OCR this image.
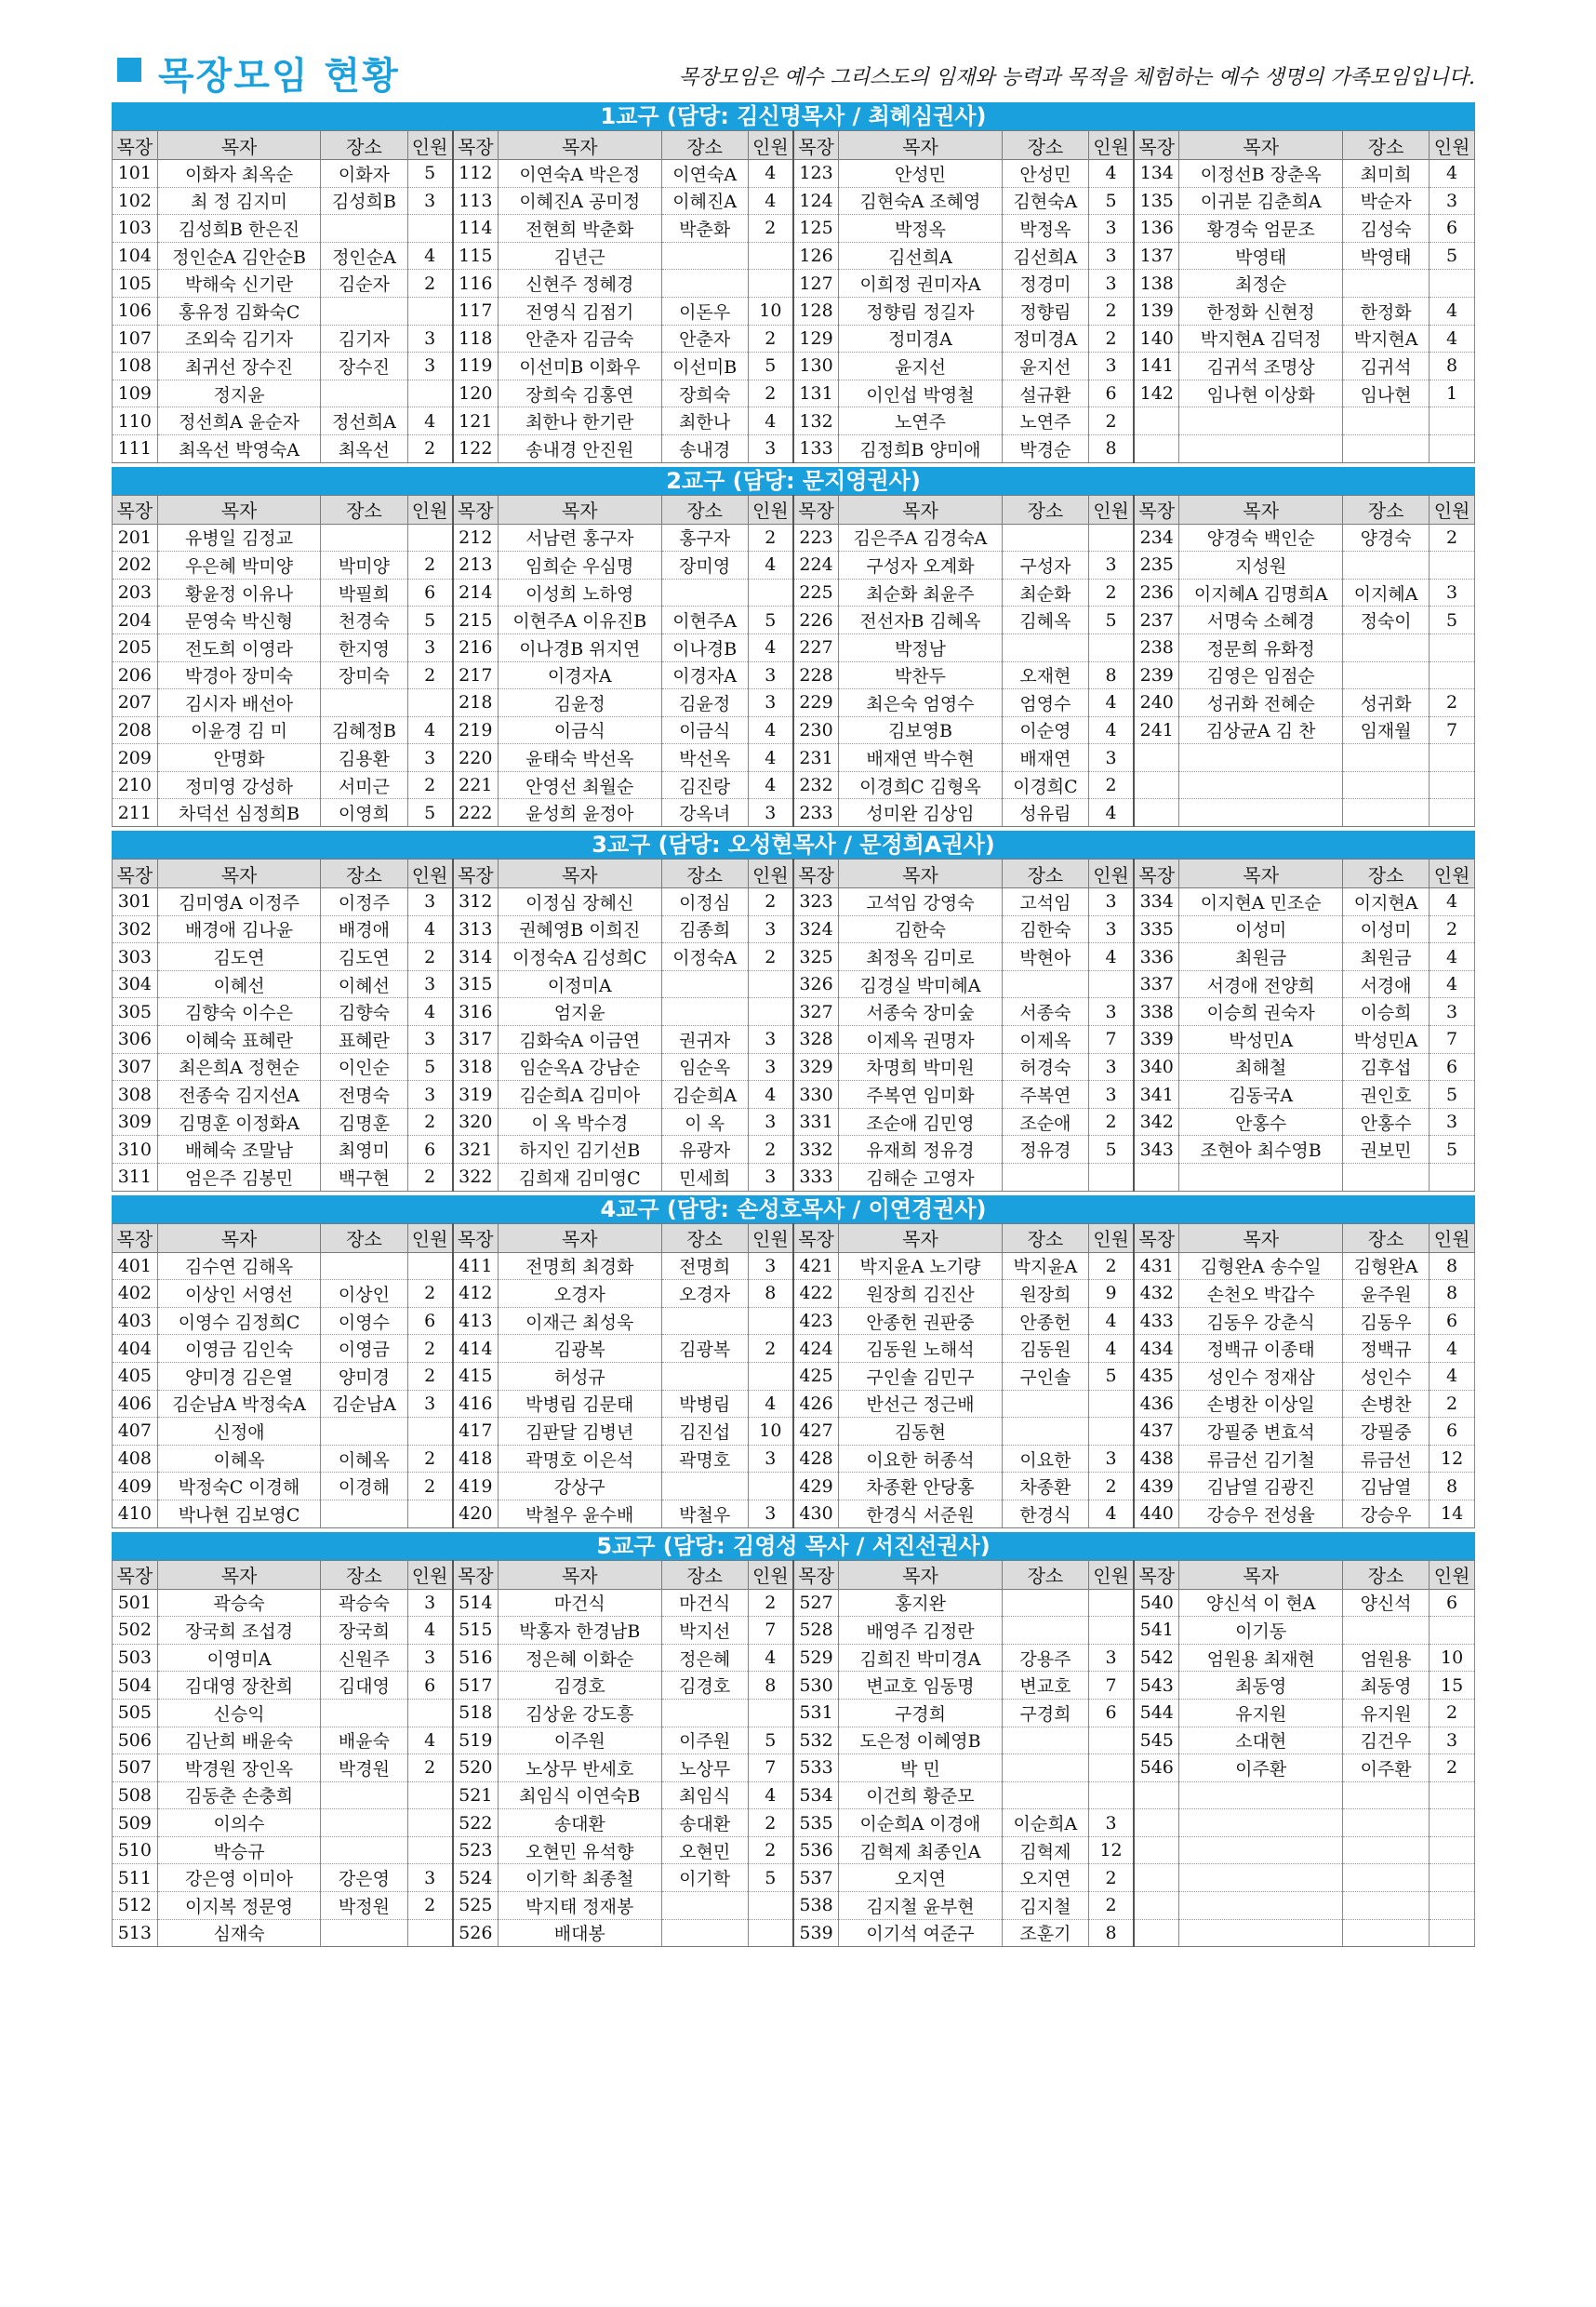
목장모임 현황	목장모임은 예수 그리스도의 임재와 능력과 목적을 체험하는 예수 생명의 가족모임입니다.
1교구 (담당: 김신명목사 / 최혜심권사)
목장	목자	장소	인원	목장	목자	장소	인원	목장	목자	장소	인원	목장	목자	장소	인원
101	이화자 최옥순	이화자	5	112	이연숙A 박은정	이연숙A	4	123	안성민	안성민	4	134	이정선B 장춘옥	최미희	4
102	최 정 김지미	김성희B	3	113	이혜진A 공미정	이혜진A	4	124	김현숙A 조혜영	김현숙A	5	135	이귀분 김춘희A	박순자	3
103	김성희B 한은진			114	전현희 박춘화	박춘화	2	125	박정옥	박정옥	3	136	황경숙 엄문조	김성숙	6
104	정인순A 김안순B	정인순A	4	115	김년근			126	김선희A	김선희A	3	137	박영태	박영태	5
105	박해숙 신기란	김순자	2	116	신현주 정혜경			127	이희정 권미자A	정경미	3	138	최정순		
106	홍유정 김화숙C			117	전영식 김점기	이돈우	10	128	정향림 정길자	정향림	2	139	한정화 신현정	한정화	4
107	조외숙 김기자	김기자	3	118	안춘자 김금숙	안춘자	2	129	정미경A	정미경A	2	140	박지현A 김덕정	박지현A	4
108	최귀선 장수진	장수진	3	119	이선미B 이화우	이선미B	5	130	윤지선	윤지선	3	141	김귀석 조명상	김귀석	8
109	정지윤			120	장희숙 김홍연	장희숙	2	131	이인섭 박영철	설규환	6	142	임나현 이상화	임나현	1
110	정선희A 윤순자	정선희A	4	121	최한나 한기란	최한나	4	132	노연주	노연주	2				
111	최옥선 박영숙A	최옥선	2	122	송내경 안진원	송내경	3	133	김정희B 양미애	박경순	8				
2교구 (담당: 문지영권사)
목장	목자	장소	인원	목장	목자	장소	인원	목장	목자	장소	인원	목장	목자	장소	인원
201	유병일 김정교			212	서남련 홍구자	홍구자	2	223	김은주A 김경숙A			234	양경숙 백인순	양경숙	2
202	우은혜 박미양	박미양	2	213	임희순 우심명	장미영	4	224	구성자 오계화	구성자	3	235	지성원		
203	황윤정 이유나	박필희	6	214	이성희 노하영			225	최순화 최윤주	최순화	2	236	이지혜A 김명희A	이지혜A	3
204	문영숙 박신형	천경숙	5	215	이현주A 이유진B	이현주A	5	226	전선자B 김혜옥	김혜옥	5	237	서명숙 소혜경	정숙이	5
205	전도희 이영라	한지영	3	216	이나경B 위지연	이나경B	4	227	박정남			238	정문희 유화정		
206	박경아 장미숙	장미숙	2	217	이경자A	이경자A	3	228	박찬두	오재현	8	239	김영은 임점순		
207	김시자 배선아			218	김윤정	김윤정	3	229	최은숙 엄영수	엄영수	4	240	성귀화 전혜순	성귀화	2
208	이윤경 김 미	김혜정B	4	219	이금식	이금식	4	230	김보영B	이순영	4	241	김상균A 김 찬	임재월	7
209	안명화	김용환	3	220	윤태숙 박선옥	박선옥	4	231	배재연 박수현	배재연	3				
210	정미영 강성하	서미근	2	221	안영선 최월순	김진랑	4	232	이경희C 김형옥	이경희C	2				
211	차덕선 심정희B	이영희	5	222	윤성희 윤정아	강옥녀	3	233	성미완 김상임	성유림	4				
3교구 (담당: 오성현목사 / 문정희A권사)
목장	목자	장소	인원	목장	목자	장소	인원	목장	목자	장소	인원	목장	목자	장소	인원
301	김미영A 이정주	이정주	3	312	이정심 장혜신	이정심	2	323	고석임 강영숙	고석임	3	334	이지현A 민조순	이지현A	4
302	배경애 김나윤	배경애	4	313	권혜영B 이희진	김종희	3	324	김한숙	김한숙	3	335	이성미	이성미	2
303	김도연	김도연	2	314	이정숙A 김성희C	이정숙A	2	325	최정옥 김미로	박현아	4	336	최원금	최원금	4
304	이혜선	이혜선	3	315	이정미A			326	김경실 박미혜A			337	서경애 전양희	서경애	4
305	김향숙 이수은	김향숙	4	316	엄지윤			327	서종숙 장미숲	서종숙	3	338	이승희 권숙자	이승희	3
306	이혜숙 표혜란	표혜란	3	317	김화숙A 이금연	권귀자	3	328	이제옥 권명자	이제옥	7	339	박성민A	박성민A	7
307	최은희A 정현순	이인순	5	318	임순옥A 강남순	임순옥	3	329	차명희 박미원	허경숙	3	340	최해철	김후섭	6
308	전종숙 김지선A	전명숙	3	319	김순희A 김미아	김순희A	4	330	주복연 임미화	주복연	3	341	김동국A	권인호	5
309	김명훈 이정화A	김명훈	2	320	이 옥 박수경	이 옥	3	331	조순애 김민영	조순애	2	342	안홍수	안홍수	3
310	배혜숙 조말남	최영미	6	321	하지인 김기선B	유광자	2	332	유재희 정유경	정유경	5	343	조현아 최수영B	권보민	5
311	엄은주 김봉민	백구현	2	322	김희재 김미영C	민세희	3	333	김해순 고영자						
4교구 (담당: 손성호목사 / 이연경권사)
목장	목자	장소	인원	목장	목자	장소	인원	목장	목자	장소	인원	목장	목자	장소	인원
401	김수연 김해옥			411	전명희 최경화	전명희	3	421	박지윤A 노기량	박지윤A	2	431	김형완A 송수일	김형완A	8
402	이상인 서영선	이상인	2	412	오경자	오경자	8	422	원장희 김진산	원장희	9	432	손천오 박갑수	윤주원	8
403	이영수 김정희C	이영수	6	413	이재근 최성욱			423	안종헌 권판중	안종헌	4	433	김동우 강춘식	김동우	6
404	이영금 김인숙	이영금	2	414	김광복	김광복	2	424	김동원 노해석	김동원	4	434	정백규 이종태	정백규	4
405	양미경 김은열	양미경	2	415	허성규			425	구인솔 김민구	구인솔	5	435	성인수 정재삼	성인수	4
406	김순남A 박정숙A	김순남A	3	416	박병림 김문태	박병림	4	426	반선근 정근배			436	손병찬 이상일	손병찬	2
407	신정애			417	김판달 김병년	김진섭	10	427	김동현			437	강필중 변효석	강필중	6
408	이혜옥	이혜옥	2	418	곽명호 이은석	곽명호	3	428	이요한 허종석	이요한	3	438	류금선 김기철	류금선	12
409	박정숙C 이경해	이경해	2	419	강상구			429	차종환 안당홍	차종환	2	439	김남열 김광진	김남열	8
410	박나현 김보영C			420	박철우 윤수배	박철우	3	430	한경식 서준원	한경식	4	440	강승우 전성율	강승우	14
5교구 (담당: 김영성 목사 / 서진선권사)
목장	목자	장소	인원	목장	목자	장소	인원	목장	목자	장소	인원	목장	목자	장소	인원
501	곽승숙	곽승숙	3	514	마건식	마건식	2	527	홍지완			540	양신석 이 현A	양신석	6
502	장국희 조섭경	장국희	4	515	박홍자 한경남B	박지선	7	528	배영주 김정란			541	이기동		
503	이영미A	신원주	3	516	정은혜 이화순	정은혜	4	529	김희진 박미경A	강용주	3	542	엄원용 최재현	엄원용	10
504	김대영 장찬희	김대영	6	517	김경호	김경호	8	530	변교호 임동명	변교호	7	543	최동영	최동영	15
505	신승익			518	김상윤 강도흥			531	구경희	구경희	6	544	유지원	유지원	2
506	김난희 배윤숙	배윤숙	4	519	이주원	이주원	5	532	도은정 이혜영B			545	소대현	김건우	3
507	박경원 장인옥	박경원	2	520	노상무 반세호	노상무	7	533	박 민			546	이주환	이주환	2
508	김동춘 손충희			521	최임식 이연숙B	최임식	4	534	이건희 황준모						
509	이의수			522	송대환	송대환	2	535	이순희A 이경애	이순희A	3				
510	박승규			523	오현민 유석향	오현민	2	536	김혁제 최종인A	김혁제	12				
511	강은영 이미아	강은영	3	524	이기학 최종철	이기학	5	537	오지연	오지연	2				
512	이지복 정문영	박정원	2	525	박지태 정재봉			538	김지철 윤부현	김지철	2				
513	심재숙			526	배대봉			539	이기석 여준구	조훈기	8				
